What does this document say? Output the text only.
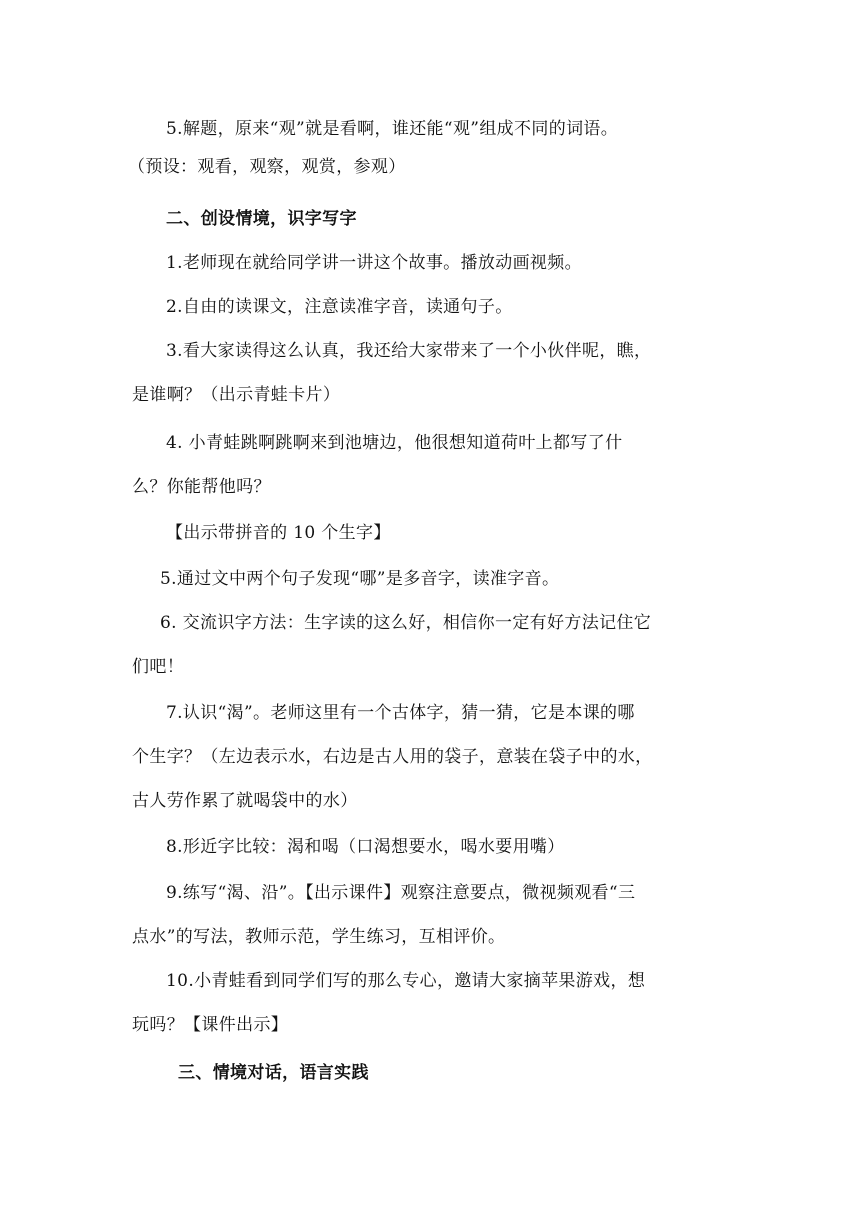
5.解题，原来“观”就是看啊，谁还能“观”组成不同的词语。
（预设：观看，观察，观赏，参观）
二、创设情境，识字写字
1.老师现在就给同学讲一讲这个故事。播放动画视频。
2.自由的读课文，注意读准字音，读通句子。
3.看大家读得这么认真，我还给大家带来了一个小伙伴呢，瞧，
是谁啊？（出示青蛙卡片）
4. 小青蛙跳啊跳啊来到池塘边，他很想知道荷叶上都写了什
么？你能帮他吗？
【出示带拼音的 10 个生字】
5.通过文中两个句子发现“哪”是多音字，读准字音。
6. 交流识字方法：生字读的这么好，相信你一定有好方法记住它
们吧！
7.认识“渴”。老师这里有一个古体字，猜一猜，它是本课的哪
个生字？（左边表示水，右边是古人用的袋子，意装在袋子中的水，
古人劳作累了就喝袋中的水）
8.形近字比较：渴和喝（口渴想要水，喝水要用嘴）
9.练写“渴、沿”。【出示课件】观察注意要点，微视频观看“三
点水”的写法，教师示范，学生练习，互相评价。
10.小青蛙看到同学们写的那么专心，邀请大家摘苹果游戏，想
玩吗？【课件出示】
三、情境对话，语言实践
